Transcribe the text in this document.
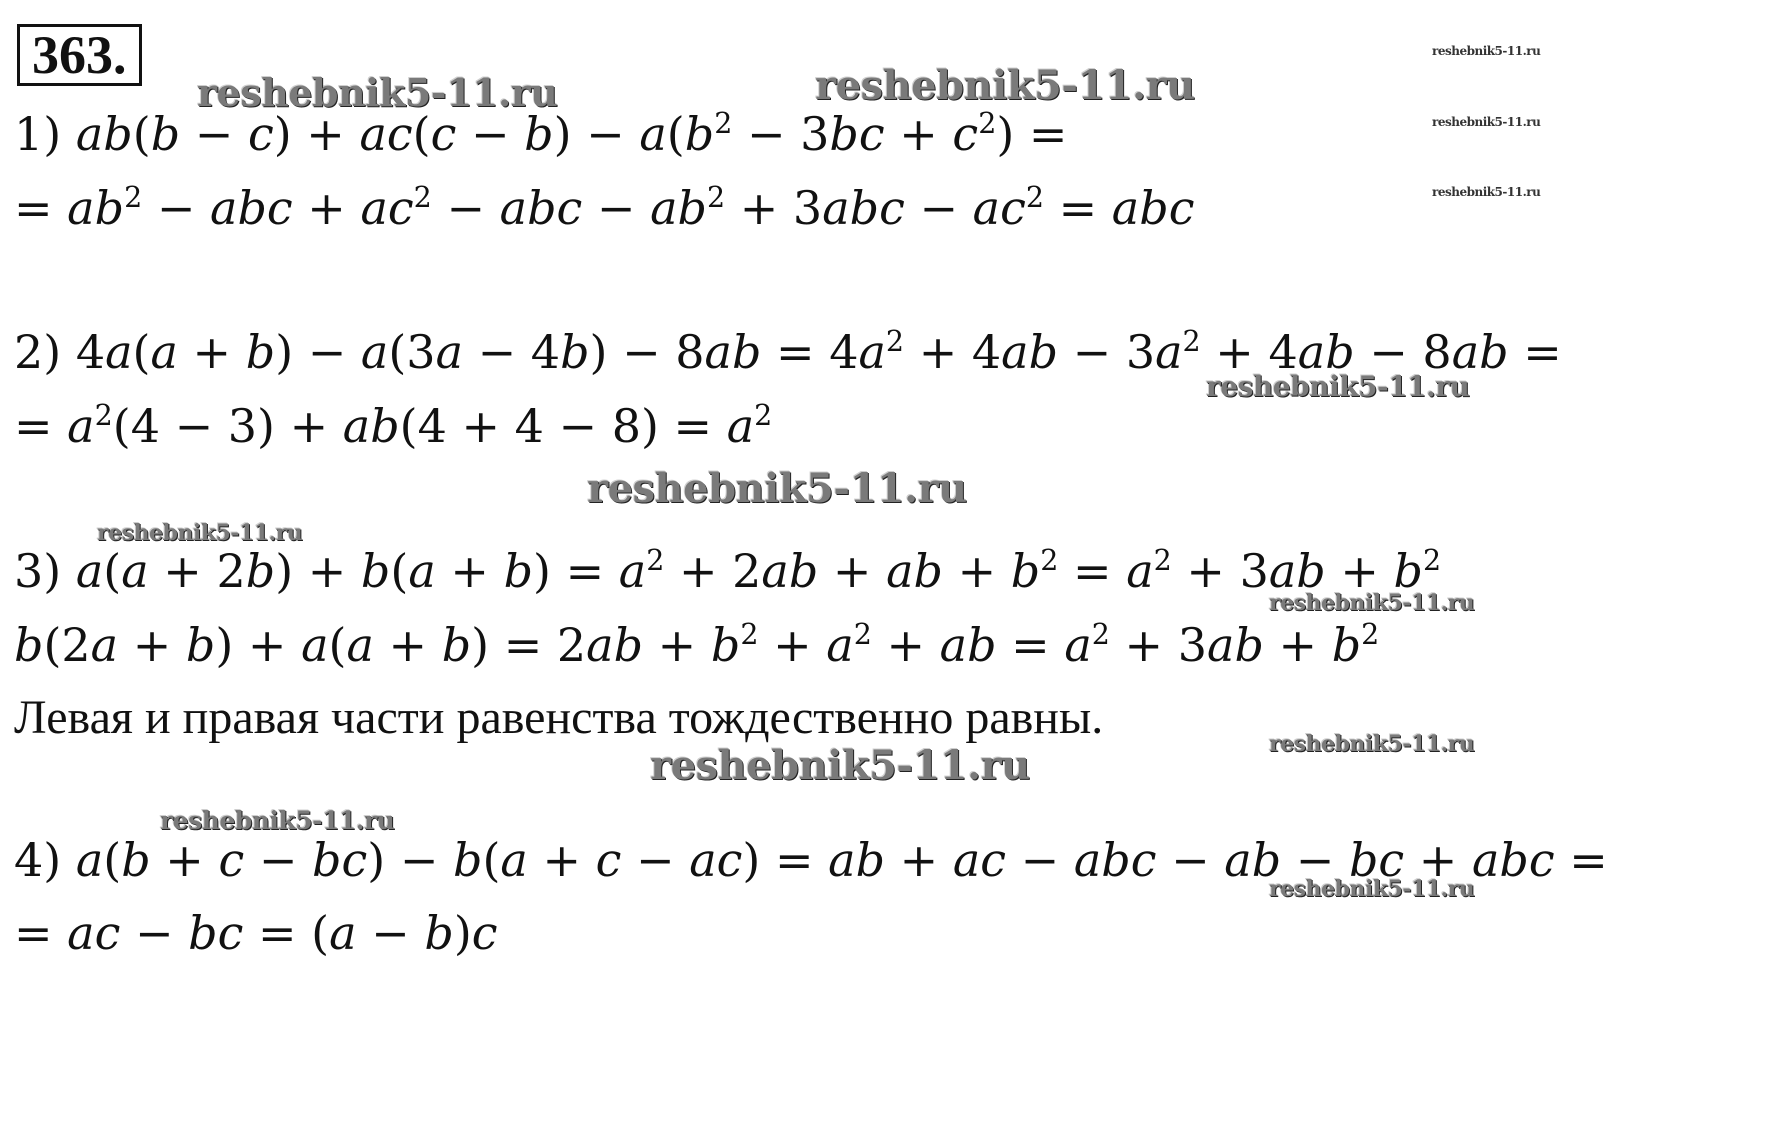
363.
reshebnik5-11.ru	reshebnik5-11.ru
reshebnik5-11.ru
reshebnik5-11.ru
reshebnik5-11.ru
reshebnik5-11.ru
reshebnik5-11.ru
reshebnik5-11.ru
reshebnik5-11.ru
reshebnik5-11.ru
reshebnik5-11.ru
reshebnik5-11.ru
reshebnik5-11.ru
1) $ab(b - c) + ac(c - b) - a(b^2 - 3bc + c^2)$ =
= $ab^2$ − abc + $ac^2$ − abc − $ab^2 + 3abc - ac^2$ = abc
2) $4a(a + b) - a(3a - 4b) - 8ab = 4a^2 + 4ab - 3a^2 + 4ab - 8ab$ =
= $a^2(4 - 3) + ab(4 + 4 - 8) = a^2$
3) $a(a + 2b) + b(a + b) = a^2 + 2ab$ + ab + $b^2 = a^2 + 3ab + b^2$
$b(2a + b) + a(a + b) = 2ab + b^2 + a^2$ + ab = $a^2 + 3ab + b^2$
Левая и правая части равенства тождественно равны.
4) a(b + c − bc) − b(a + c − ac) = ab + ac − abc − ab − bc + abc =
= ac − bc = (a − b)c
